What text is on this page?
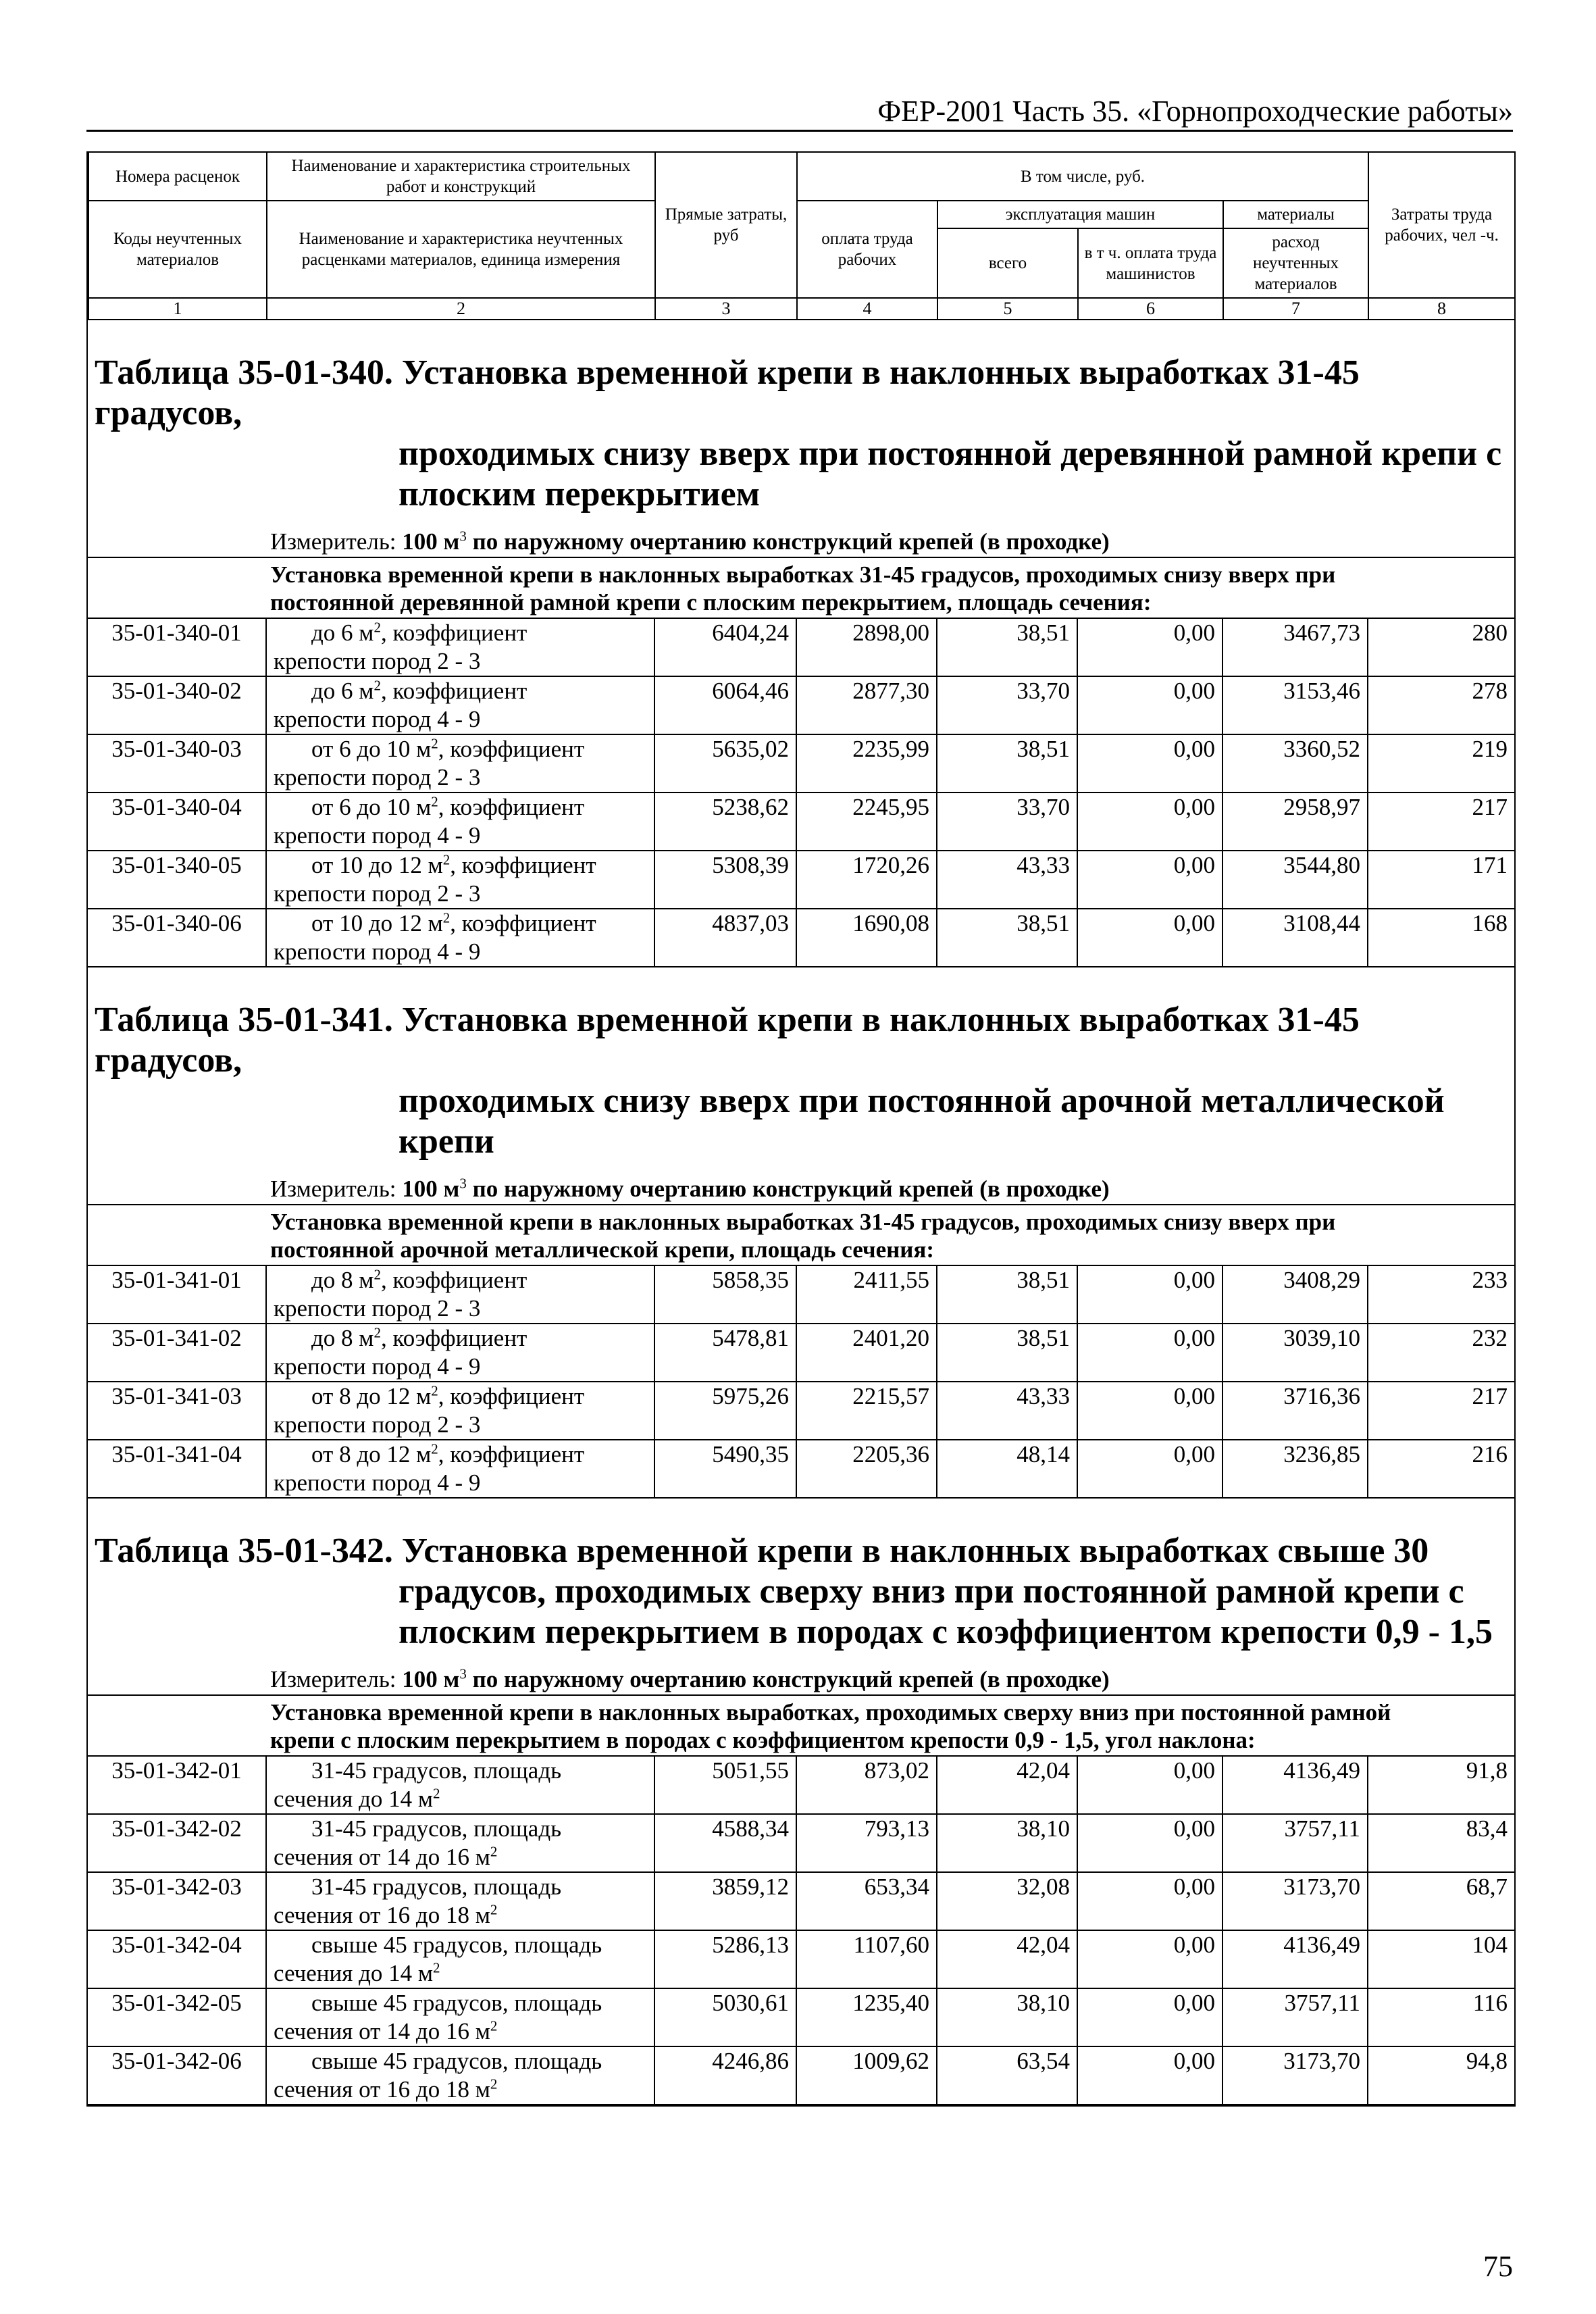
ФЕР-2001 Часть 35. «Горнопроходческие работы»
Номера расценок	Наименование и характеристика строительных работ и конструкций	Прямые затраты, руб	В том числе, руб.				Затраты труда рабочих, чел -ч.
Коды неучтенных материалов	Наименование и характеристика неучтенных расценками материалов, единица измерения		оплата труда рабочих	эксплуатация машин		материалы	
				всего	в т ч. оплата труда машинистов	расход неучтенных материалов	
1	2	3	4	5	6	7	8
Таблица 35-01-340. Установка временной крепи в наклонных выработках 31-45 градусов,
проходимых снизу вверх при постоянной деревянной рамной крепи с
плоским перекрытием
Измеритель: 100 $м^3$ по наружному очертанию конструкций крепей (в проходке)
Установка временной крепи в наклонных выработках 31-45 градусов, проходимых снизу вверх при
постоянной деревянной рамной крепи с плоским перекрытием, площадь сечения:
35-01-340-01	до 6 $м^2$, коэффициент
крепости пород 2 - 3	6404,24	2898,00	38,51	0,00	3467,73	280
35-01-340-02	до 6 $м^2$, коэффициент
крепости пород 4 - 9	6064,46	2877,30	33,70	0,00	3153,46	278
35-01-340-03	от 6 до 10 $м^2$, коэффициент
крепости пород 2 - 3	5635,02	2235,99	38,51	0,00	3360,52	219
35-01-340-04	от 6 до 10 $м^2$, коэффициент
крепости пород 4 - 9	5238,62	2245,95	33,70	0,00	2958,97	217
35-01-340-05	от 10 до 12 $м^2$, коэффициент
крепости пород 2 - 3	5308,39	1720,26	43,33	0,00	3544,80	171
35-01-340-06	от 10 до 12 $м^2$, коэффициент
крепости пород 4 - 9	4837,03	1690,08	38,51	0,00	3108,44	168
Таблица 35-01-341. Установка временной крепи в наклонных выработках 31-45 градусов,
проходимых снизу вверх при постоянной арочной металлической крепи
Измеритель: 100 $м^3$ по наружному очертанию конструкций крепей (в проходке)
Установка временной крепи в наклонных выработках 31-45 градусов, проходимых снизу вверх при
постоянной арочной металлической крепи, площадь сечения:
35-01-341-01	до 8 $м^2$, коэффициент
крепости пород 2 - 3	5858,35	2411,55	38,51	0,00	3408,29	233
35-01-341-02	до 8 $м^2$, коэффициент
крепости пород 4 - 9	5478,81	2401,20	38,51	0,00	3039,10	232
35-01-341-03	от 8 до 12 $м^2$, коэффициент
крепости пород 2 - 3	5975,26	2215,57	43,33	0,00	3716,36	217
35-01-341-04	от 8 до 12 $м^2$, коэффициент
крепости пород 4 - 9	5490,35	2205,36	48,14	0,00	3236,85	216
Таблица 35-01-342. Установка временной крепи в наклонных выработках свыше 30
градусов, проходимых сверху вниз при постоянной рамной крепи с
плоским перекрытием в породах с коэффициентом крепости 0,9 - 1,5
Измеритель: 100 $м^3$ по наружному очертанию конструкций крепей (в проходке)
Установка временной крепи в наклонных выработках, проходимых сверху вниз при постоянной рамной
крепи с плоским перекрытием в породах с коэффициентом крепости 0,9 - 1,5, угол наклона:
35-01-342-01	31-45 градусов, площадь
сечения до 14 $м^2$	5051,55	873,02	42,04	0,00	4136,49	91,8
35-01-342-02	31-45 градусов, площадь
сечения от 14 до 16 $м^2$	4588,34	793,13	38,10	0,00	3757,11	83,4
35-01-342-03	31-45 градусов, площадь
сечения от 16 до 18 $м^2$	3859,12	653,34	32,08	0,00	3173,70	68,7
35-01-342-04	свыше 45 градусов, площадь
сечения до 14 $м^2$	5286,13	1107,60	42,04	0,00	4136,49	104
35-01-342-05	свыше 45 градусов, площадь
сечения от 14 до 16 $м^2$	5030,61	1235,40	38,10	0,00	3757,11	116
35-01-342-06	свыше 45 градусов, площадь
сечения от 16 до 18 $м^2$	4246,86	1009,62	63,54	0,00	3173,70	94,8
75
